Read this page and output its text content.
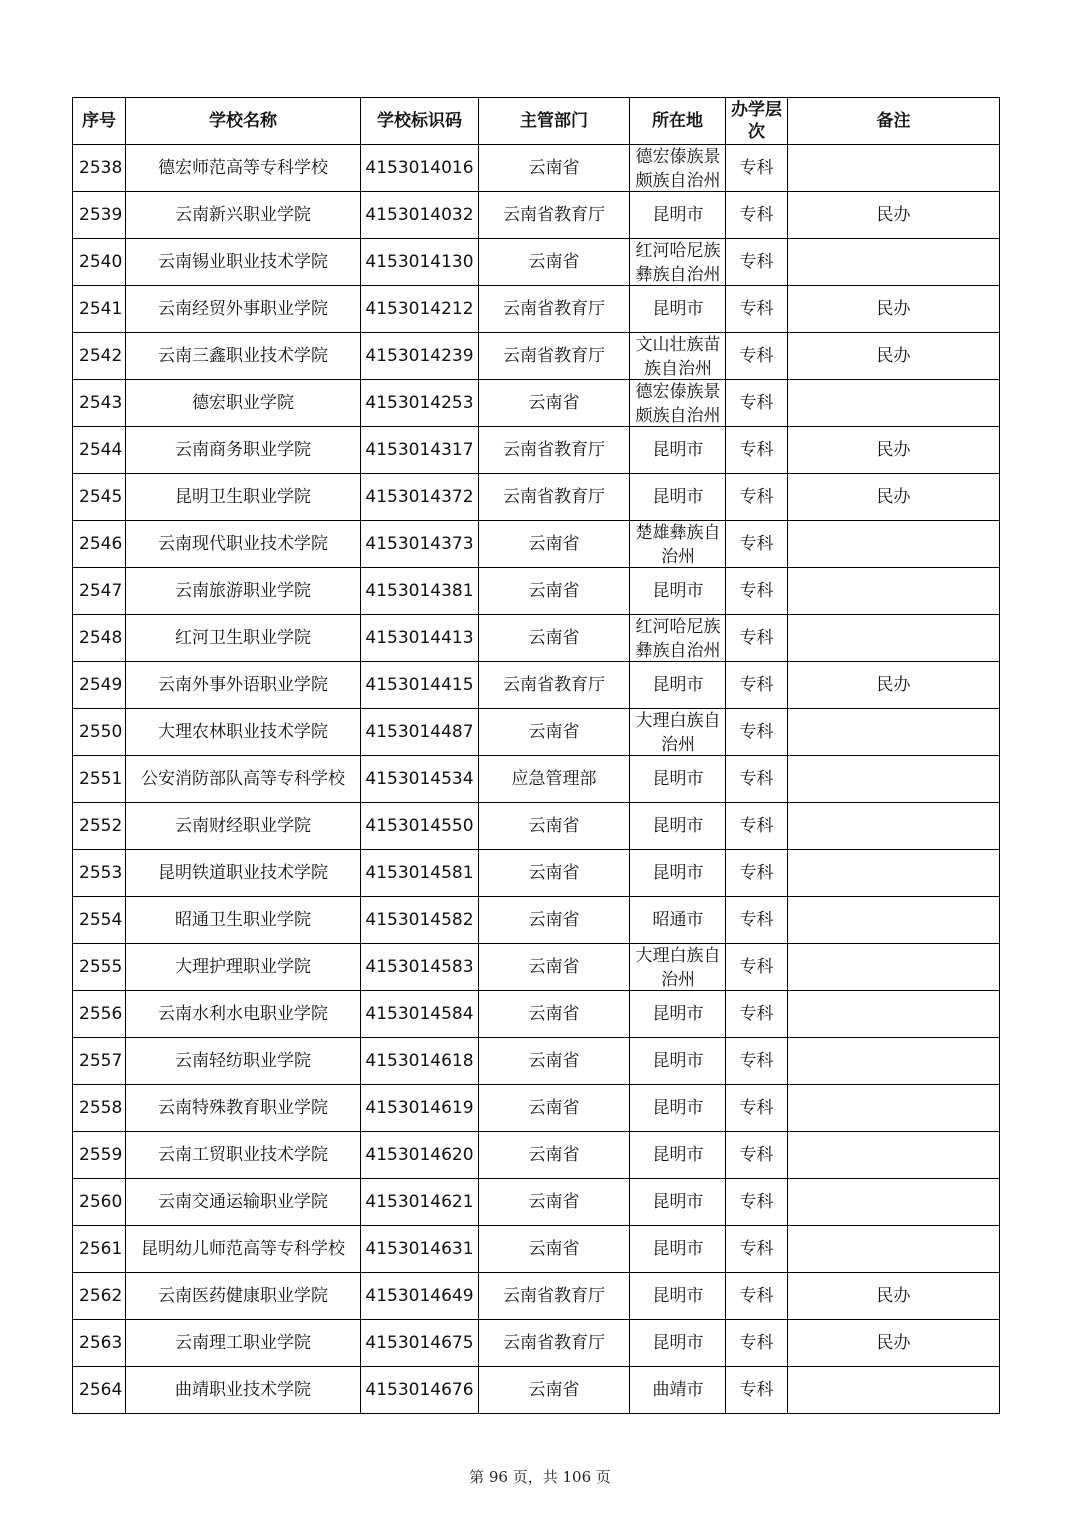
序号	学校名称	学校标识码	主管部门	所在地	办学层次	备注
2538	德宏师范高等专科学校	4153014016	云南省	德宏傣族景颇族自治州	专科	
2539	云南新兴职业学院	4153014032	云南省教育厅	昆明市	专科	民办
2540	云南锡业职业技术学院	4153014130	云南省	红河哈尼族彝族自治州	专科	
2541	云南经贸外事职业学院	4153014212	云南省教育厅	昆明市	专科	民办
2542	云南三鑫职业技术学院	4153014239	云南省教育厅	文山壮族苗族自治州	专科	民办
2543	德宏职业学院	4153014253	云南省	德宏傣族景颇族自治州	专科	
2544	云南商务职业学院	4153014317	云南省教育厅	昆明市	专科	民办
2545	昆明卫生职业学院	4153014372	云南省教育厅	昆明市	专科	民办
2546	云南现代职业技术学院	4153014373	云南省	楚雄彝族自治州	专科	
2547	云南旅游职业学院	4153014381	云南省	昆明市	专科	
2548	红河卫生职业学院	4153014413	云南省	红河哈尼族彝族自治州	专科	
2549	云南外事外语职业学院	4153014415	云南省教育厅	昆明市	专科	民办
2550	大理农林职业技术学院	4153014487	云南省	大理白族自治州	专科	
2551	公安消防部队高等专科学校	4153014534	应急管理部	昆明市	专科	
2552	云南财经职业学院	4153014550	云南省	昆明市	专科	
2553	昆明铁道职业技术学院	4153014581	云南省	昆明市	专科	
2554	昭通卫生职业学院	4153014582	云南省	昭通市	专科	
2555	大理护理职业学院	4153014583	云南省	大理白族自治州	专科	
2556	云南水利水电职业学院	4153014584	云南省	昆明市	专科	
2557	云南轻纺职业学院	4153014618	云南省	昆明市	专科	
2558	云南特殊教育职业学院	4153014619	云南省	昆明市	专科	
2559	云南工贸职业技术学院	4153014620	云南省	昆明市	专科	
2560	云南交通运输职业学院	4153014621	云南省	昆明市	专科	
2561	昆明幼儿师范高等专科学校	4153014631	云南省	昆明市	专科	
2562	云南医药健康职业学院	4153014649	云南省教育厅	昆明市	专科	民办
2563	云南理工职业学院	4153014675	云南省教育厅	昆明市	专科	民办
2564	曲靖职业技术学院	4153014676	云南省	曲靖市	专科	
第 96 页，共 106 页
